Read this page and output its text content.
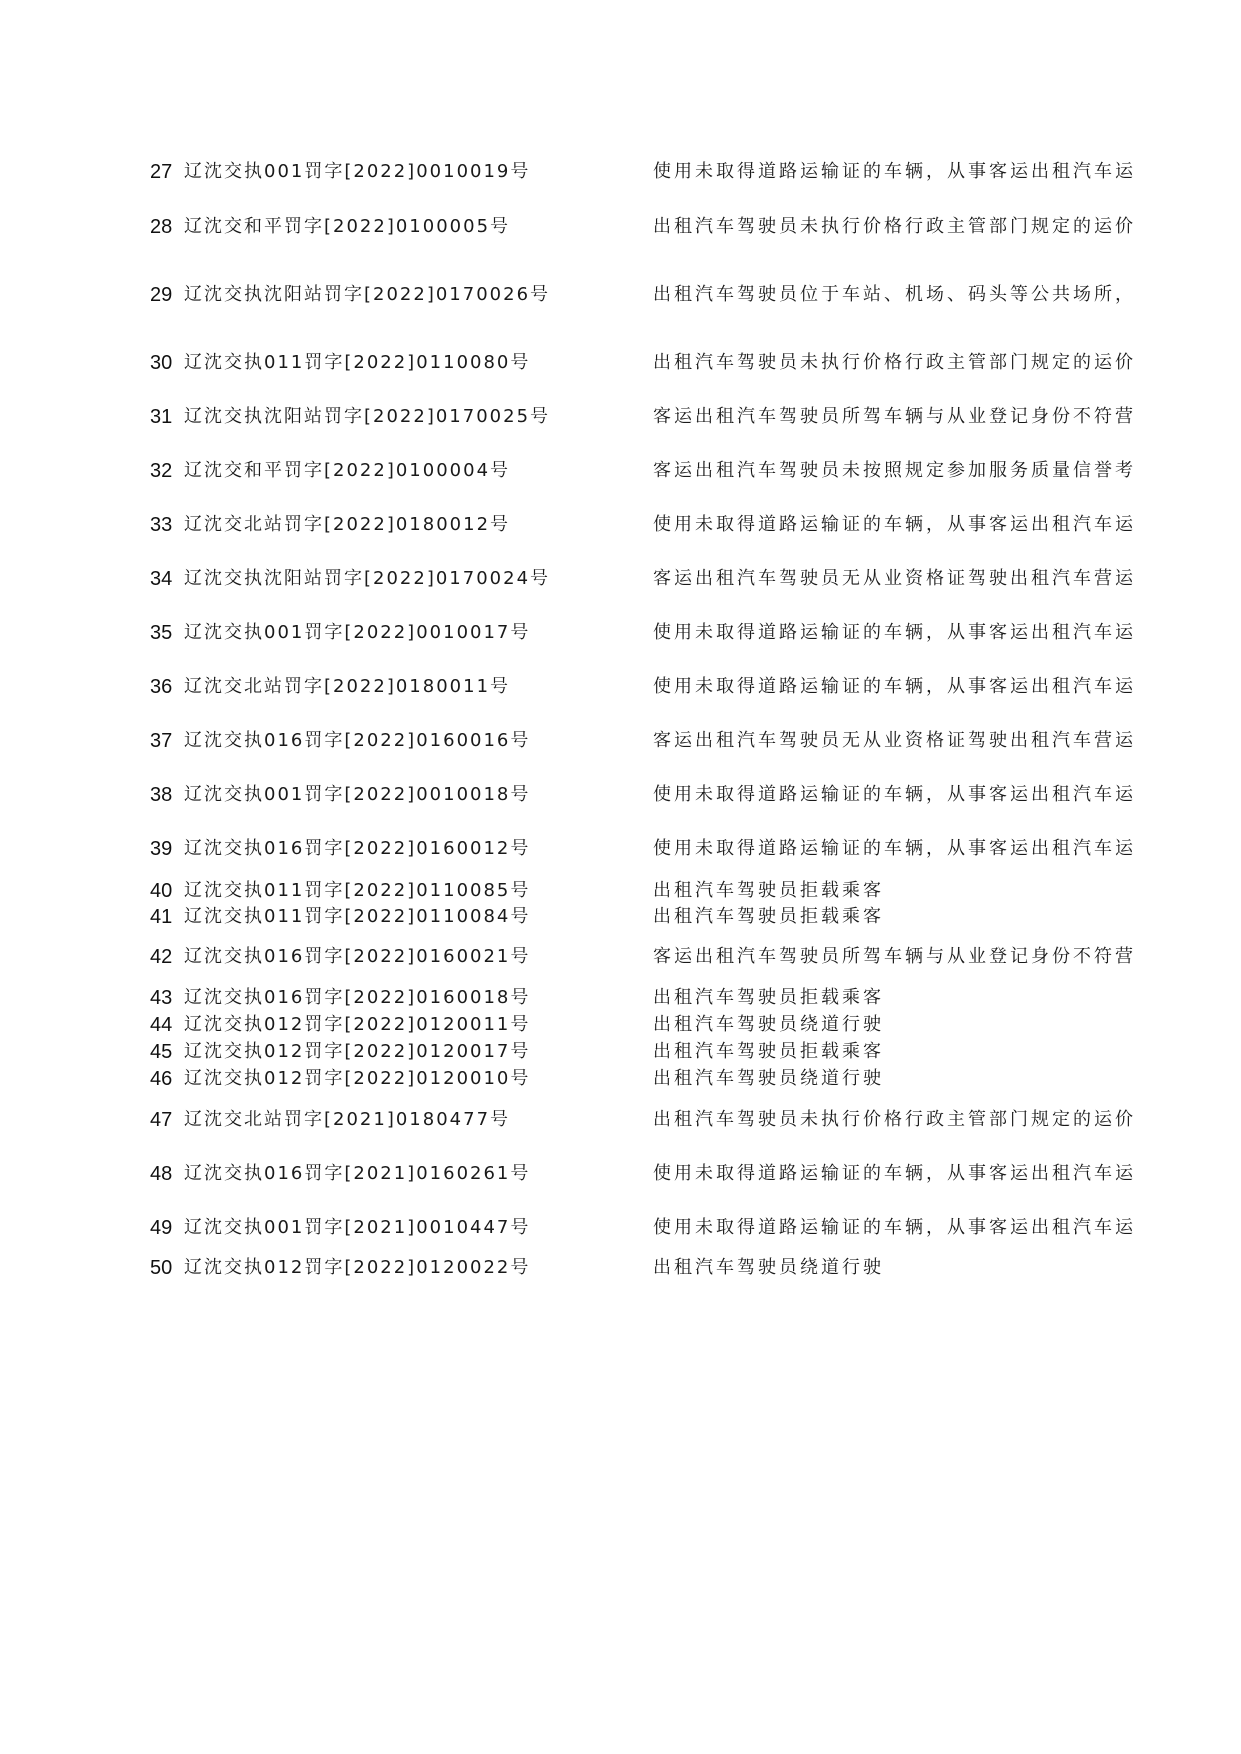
27 辽沈交执001罚字[2022]0010019号	使用未取得道路运输证的车辆，从事客运出租汽车运
28 辽沈交和平罚字[2022]0100005号	出租汽车驾驶员未执行价格行政主管部门规定的运价
29 辽沈交执沈阳站罚字[2022]0170026号	出租汽车驾驶员位于车站、机场、码头等公共场所，
30 辽沈交执011罚字[2022]0110080号	出租汽车驾驶员未执行价格行政主管部门规定的运价
31 辽沈交执沈阳站罚字[2022]0170025号	客运出租汽车驾驶员所驾车辆与从业登记身份不符营
32 辽沈交和平罚字[2022]0100004号	客运出租汽车驾驶员未按照规定参加服务质量信誉考
33 辽沈交北站罚字[2022]0180012号	使用未取得道路运输证的车辆，从事客运出租汽车运
34 辽沈交执沈阳站罚字[2022]0170024号	客运出租汽车驾驶员无从业资格证驾驶出租汽车营运
35 辽沈交执001罚字[2022]0010017号	使用未取得道路运输证的车辆，从事客运出租汽车运
36 辽沈交北站罚字[2022]0180011号	使用未取得道路运输证的车辆，从事客运出租汽车运
37 辽沈交执016罚字[2022]0160016号	客运出租汽车驾驶员无从业资格证驾驶出租汽车营运
38 辽沈交执001罚字[2022]0010018号	使用未取得道路运输证的车辆，从事客运出租汽车运
39 辽沈交执016罚字[2022]0160012号	使用未取得道路运输证的车辆，从事客运出租汽车运
40 辽沈交执011罚字[2022]0110085号	出租汽车驾驶员拒载乘客
41 辽沈交执011罚字[2022]0110084号	出租汽车驾驶员拒载乘客
42 辽沈交执016罚字[2022]0160021号	客运出租汽车驾驶员所驾车辆与从业登记身份不符营
43 辽沈交执016罚字[2022]0160018号	出租汽车驾驶员拒载乘客
44 辽沈交执012罚字[2022]0120011号	出租汽车驾驶员绕道行驶
45 辽沈交执012罚字[2022]0120017号	出租汽车驾驶员拒载乘客
46 辽沈交执012罚字[2022]0120010号	出租汽车驾驶员绕道行驶
47 辽沈交北站罚字[2021]0180477号	出租汽车驾驶员未执行价格行政主管部门规定的运价
48 辽沈交执016罚字[2021]0160261号	使用未取得道路运输证的车辆，从事客运出租汽车运
49 辽沈交执001罚字[2021]0010447号	使用未取得道路运输证的车辆，从事客运出租汽车运
50 辽沈交执012罚字[2022]0120022号	出租汽车驾驶员绕道行驶
